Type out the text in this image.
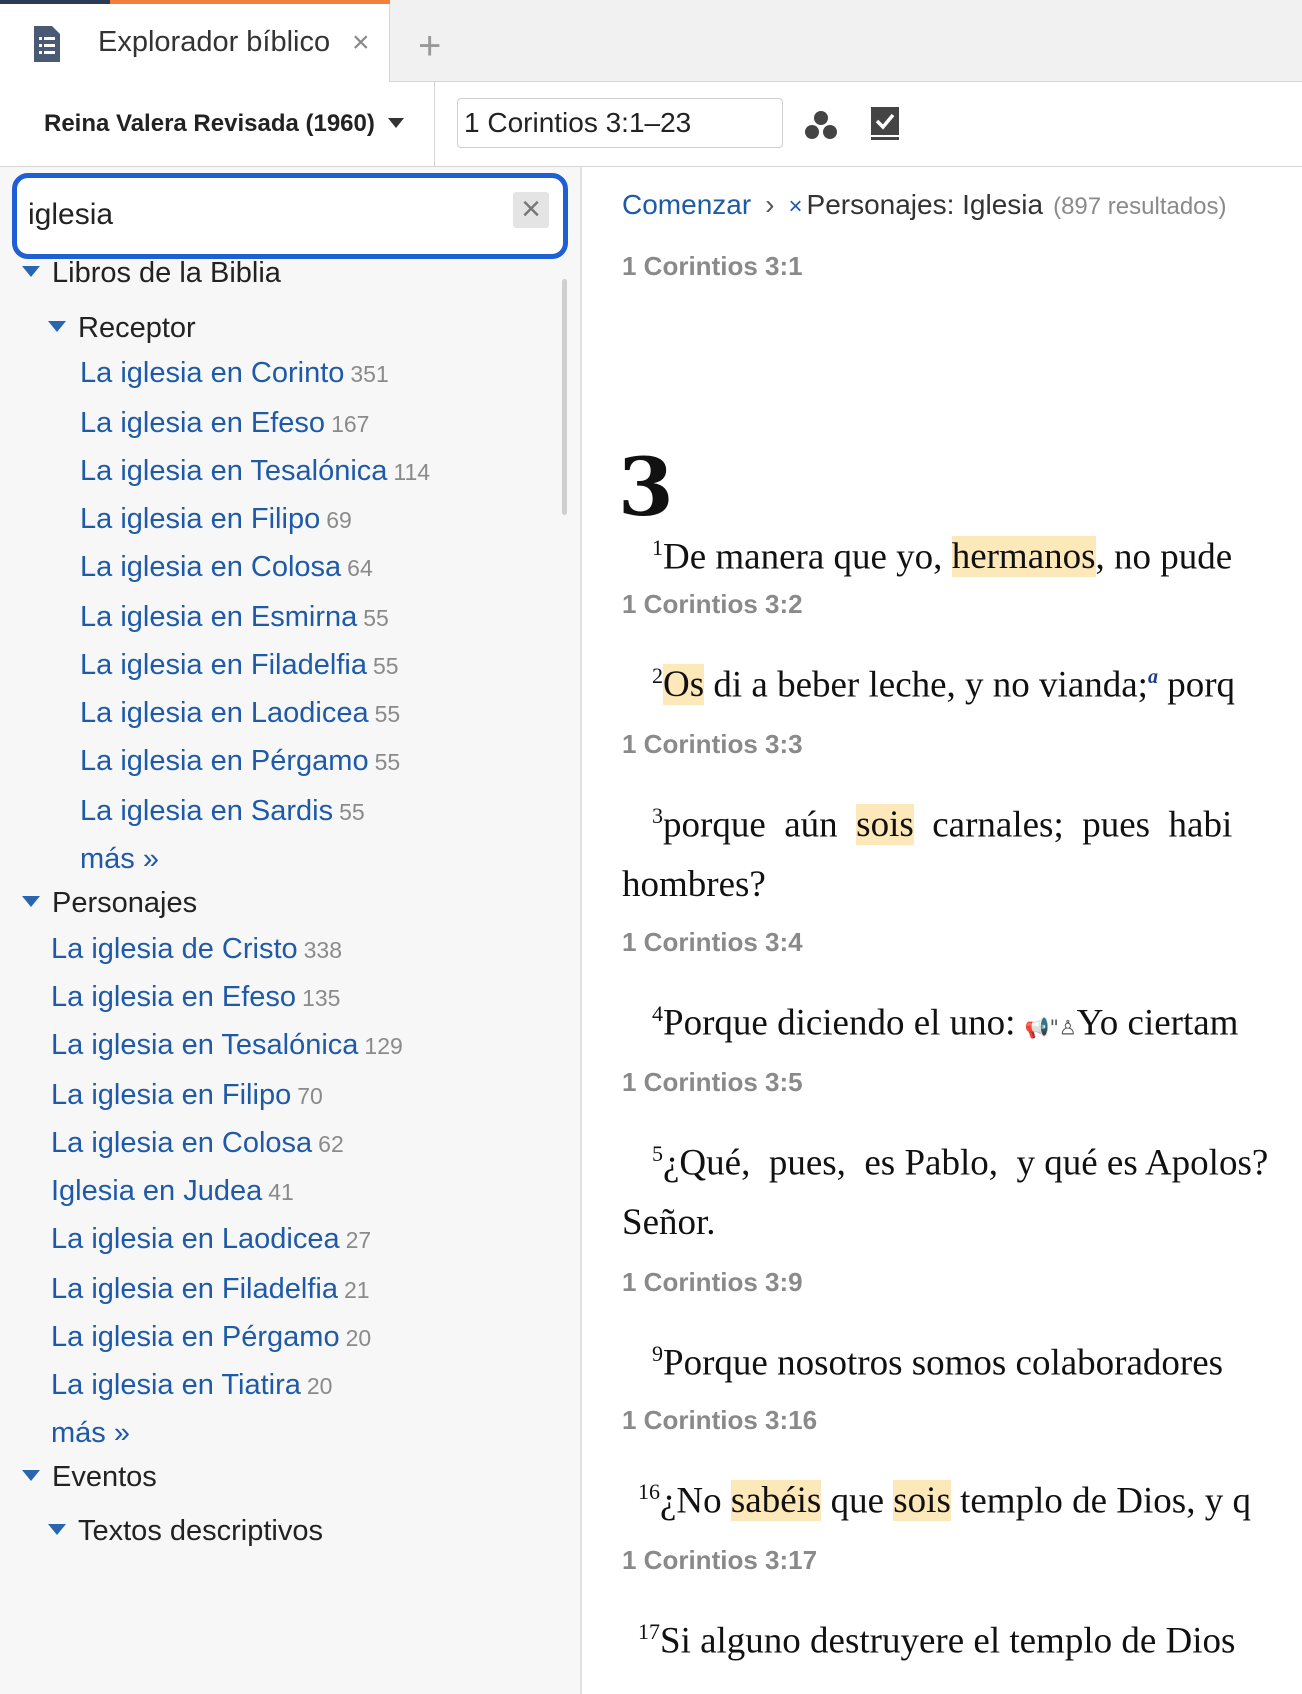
Explorador bíblico × +
Reina Valera Revisada (1960)
1 Corintios 3:1–23
iglesia
×
Libros de la Biblia
Receptor
La iglesia en Corinto 351
La iglesia en Efeso 167
La iglesia en Tesalónica 114
La iglesia en Filipo 69
La iglesia en Colosa 64
La iglesia en Esmirna 55
La iglesia en Filadelfia 55
La iglesia en Laodicea 55
La iglesia en Pérgamo 55
La iglesia en Sardis 55
más »
Personajes
La iglesia de Cristo 338
La iglesia en Efeso 135
La iglesia en Tesalónica 129
La iglesia en Filipo 70
La iglesia en Colosa 62
Iglesia en Judea 41
La iglesia en Laodicea 27
La iglesia en Filadelfia 21
La iglesia en Pérgamo 20
La iglesia en Tiatira 20
más »
Eventos
Textos descriptivos
Comenzar › × Personajes: Iglesia (897 resultados)
1 Corintios 3:1
3
$^1$De manera que yo, hermanos, no pude
1 Corintios 3:2
$^2$Os di a beber leche, y no vianda;$^a$ porq
1 Corintios 3:3
$^3$porque  aún  sois  carnales;  pues  habi
hombres?
1 Corintios 3:4
$^4$Porque diciendo el uno: 📢"♙Yo ciertam
1 Corintios 3:5
$^5$¿Qué,  pues,  es Pablo,  y qué es Apolos?
Señor.
1 Corintios 3:9
$^9$Porque nosotros somos colaboradores
1 Corintios 3:16
$^{16}$¿No sabéis que sois templo de Dios, y q
1 Corintios 3:17
$^{17}$Si alguno destruyere el templo de Dios
